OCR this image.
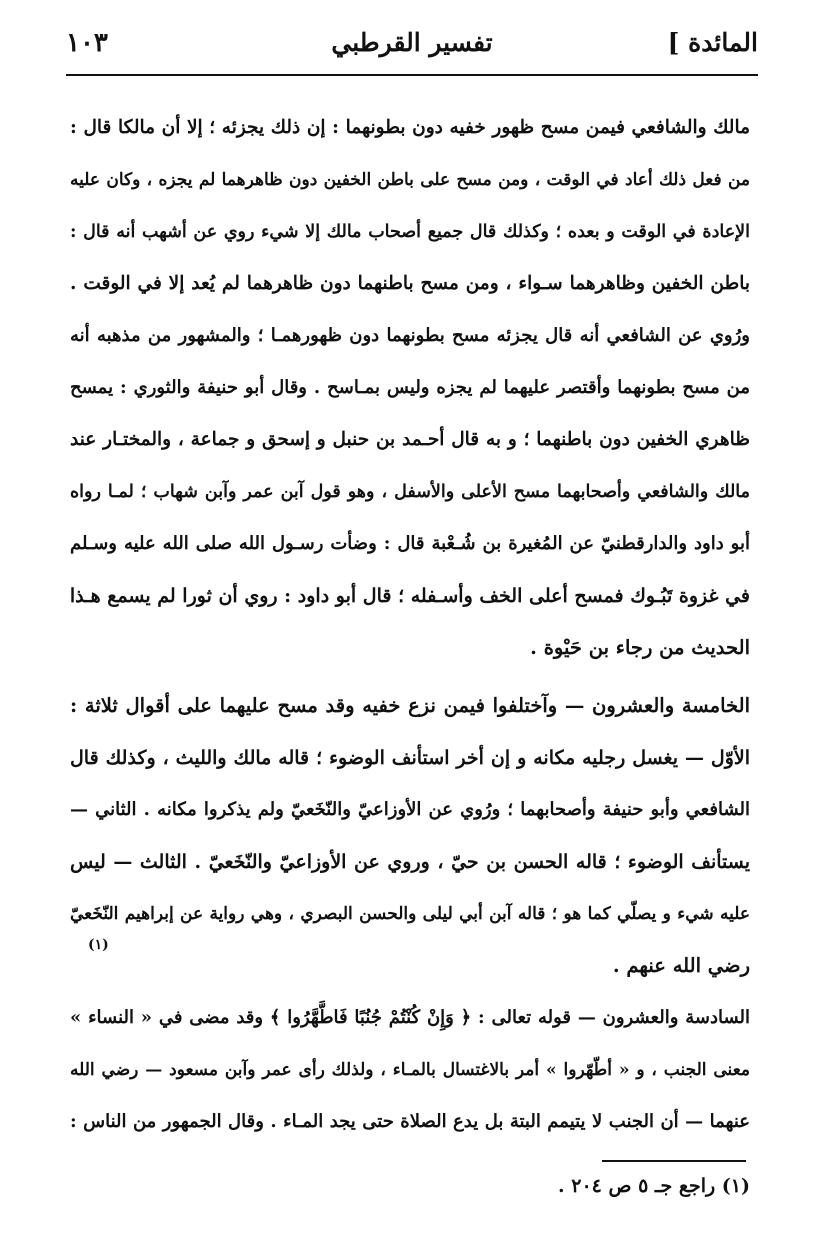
المائدة ]
تفسير القرطبي
١٠٣
مالك والشافعي فيمن مسح ظهور خفيه دون بطونهما : إن ذلك يجزئه ؛ إلا أن مالكا قال :
من فعل ذلك أعاد في الوقت ، ومن مسح على باطن الخفين دون ظاهرهما لم يجزه ، وكان عليه
الإعادة في الوقت و بعده ؛ وكذلك قال جميع أصحاب مالك إلا شيء روي عن أشهب أنه قال :
باطن الخفين وظاهرهما سـواء ، ومن مسح باطنهما دون ظاهرهما لم يُعد إلا في الوقت .
ورُوي عن الشافعي أنه قال يجزئه مسح بطونهما دون ظهورهمـا ؛ والمشهور من مذهبه أنه
من مسح بطونهما وأقتصر عليهما لم يجزه وليس بمـاسح . وقال أبو حنيفة والثوري : يمسح
ظاهري الخفين دون باطنهما ؛ و به قال أحـمد بن حنبل و إسحق و جماعة ، والمختـار عند
مالك والشافعي وأصحابهما مسح الأعلى والأسفل ، وهو قول آبن عمر وآبن شهاب ؛ لمـا رواه
أبو داود والدارقطنيّ عن المُغيرة بن شُـعْبة قال : وضأت رسـول الله صلى الله عليه وسـلم
في غزوة تَبُـوك فمسح أعلى الخف وأسـفله ؛ قال أبو داود : روي أن ثورا لم يسمع هـذا
الحديث من رجاء بن حَيْوة .
الخامسة والعشرون — وآختلفوا فيمن نزع خفيه وقد مسح عليهما على أقوال ثلاثة :
الأوّل — يغسل رجليه مكانه و إن أخر استأنف الوضوء ؛ قاله مالك والليث ، وكذلك قال
الشافعي وأبو حنيفة وأصحابهما ؛ ورُوي عن الأوزاعيّ والنّخَعيّ ولم يذكروا مكانه . الثاني —
يستأنف الوضوء ؛ قاله الحسن بن حيّ ، وروي عن الأوزاعيّ والنّخَعيّ . الثالث — ليس
عليه شيء و يصلّي كما هو ؛ قاله آبن أبي ليلى والحسن البصري ، وهي رواية عن إبراهيم النّخَعيّ
رضي الله عنهم .
(١)
السادسة والعشرون — قوله تعالى : ﴿ وَإِنْ كُنْتُمْ جُنُبًا فَاطَّهَّرُوا ﴾ وقد مضى في « النساء »
معنى الجنب ، و « أطّهّروا » أمر بالاغتسال بالمـاء ، ولذلك رأى عمر وآبن مسعود — رضي الله
عنهما — أن الجنب لا يتيمم البتة بل يدع الصلاة حتى يجد المـاء . وقال الجمهور من الناس :
(١) راجع جـ ٥ ص ٢٠٤ .
